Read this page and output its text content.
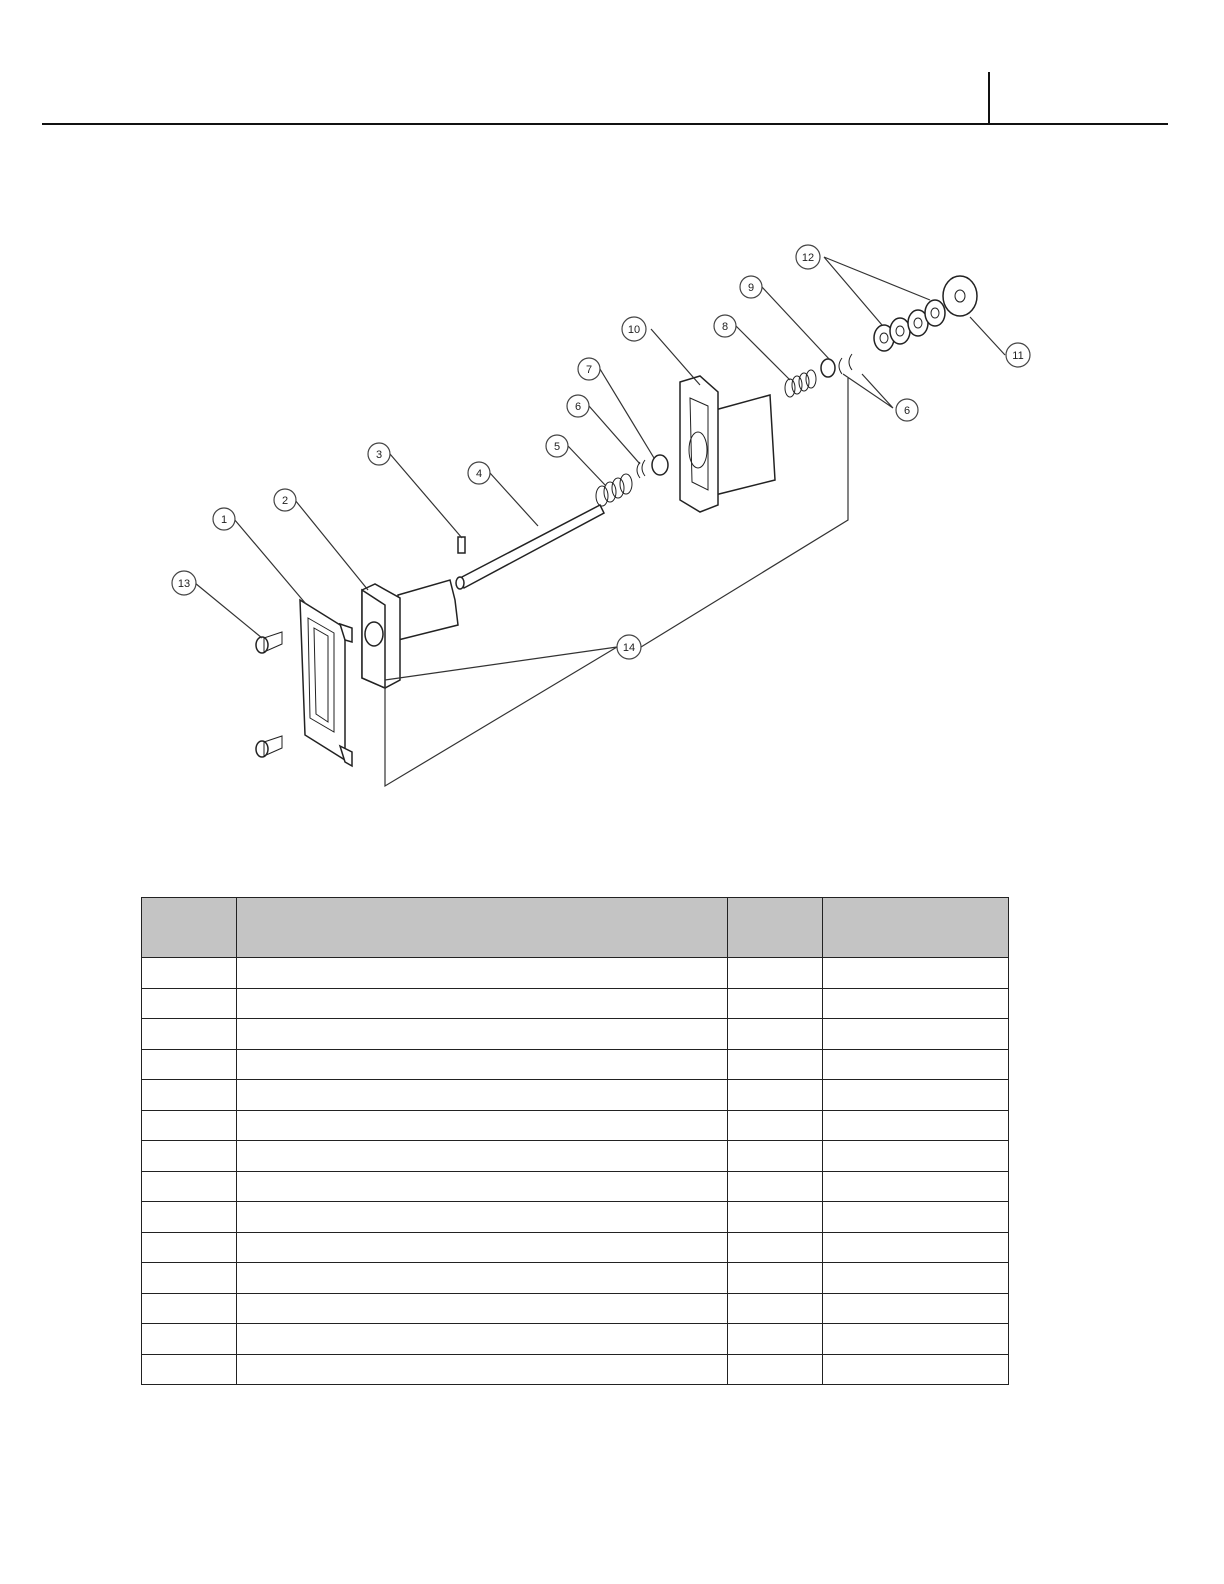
1
2
3
4
5
6
7
8
9
10
11
12
13
14
6
